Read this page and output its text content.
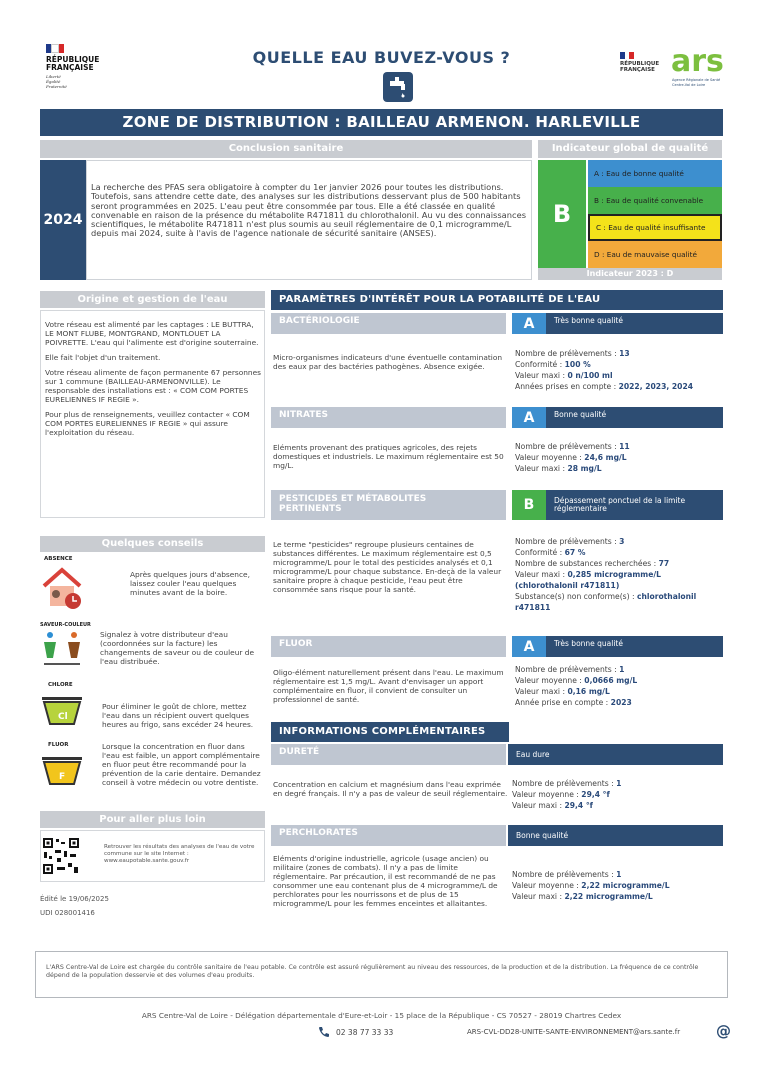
RÉPUBLIQUE
FRANÇAISE
Liberté
Égalité
Fraternité
QUELLE EAU BUVEZ-VOUS ?	RÉPUBLIQUE
FRANÇAISE ars
Agence Régionale de Santé Centre-Val de Loire
ZONE DE DISTRIBUTION : BAILLEAU ARMENON. HARLEVILLE
Conclusion sanitaire
2024
La recherche des PFAS sera obligatoire à compter du 1er janvier 2026 pour toutes les distributions. Toutefois, sans attendre cette date, des analyses sur les distributions desservant plus de 500 habitants seront programmées en 2025. L'eau peut être consommée par tous. Elle a été classée en qualité convenable en raison de la présence du métabolite R471811 du chlorothalonil. Au vu des connaissances scientifiques, le métabolite R471811 n'est plus soumis au seuil réglementaire de 0,1 microgramme/L depuis mai 2024, suite à l'avis de l'agence nationale de sécurité sanitaire (ANSES).
Indicateur global de qualité
B
A : Eau de bonne qualité
B : Eau de qualité convenable
C : Eau de qualité insuffisante
D : Eau de mauvaise qualité
Indicateur 2023 : D
Origine et gestion de l'eau
Votre réseau est alimenté par les captages : LE BUTTRA, LE MONT FLUBE, MONTGRAND, MONTLOUET LA POIVRETTE. L'eau qui l'alimente est d'origine souterraine.
Elle fait l'objet d'un traitement.
Votre réseau alimente de façon permanente 67 personnes sur 1 commune (BAILLEAU-ARMENONVILLE). Le responsable des installations est : « COM COM PORTES EURELIENNES IF REGIE ».
Pour plus de renseignements, veuillez contacter « COM COM PORTES EURELIENNES IF REGIE » qui assure l'exploitation du réseau.
Quelques conseils
ABSENCE
Après quelques jours d'absence, laissez couler l'eau quelques minutes avant de la boire.
SAVEUR-COULEUR
Signalez à votre distributeur d'eau (coordonnées sur la facture) les changements de saveur ou de couleur de l'eau distribuée.
CHLORE
Cl
Pour éliminer le goût de chlore, mettez l'eau dans un récipient ouvert quelques heures au frigo, sans excéder 24 heures.
FLUOR
F
Lorsque la concentration en fluor dans l'eau est faible, un apport complémentaire en fluor peut être recommandé pour la prévention de la carie dentaire. Demandez conseil à votre médecin ou votre dentiste.
Pour aller plus loin
Retrouver les résultats des analyses de l'eau de votre commune sur le site Internet : www.eaupotable.sante.gouv.fr
Édité le 19/06/2025
UDI 028001416
PARAMÈTRES D'INTÉRÊT POUR LA POTABILITÉ DE L'EAU
BACTÉRIOLOGIE	A	Très bonne qualité
Micro-organismes indicateurs d'une éventuelle contamination des eaux par des bactéries pathogènes. Absence exigée.
Nombre de prélèvements : 13
Conformité : 100 %
Valeur maxi : 0 n/100 ml
Années prises en compte : 2022, 2023, 2024
NITRATES	A	Bonne qualité
Eléments provenant des pratiques agricoles, des rejets domestiques et industriels. Le maximum réglementaire est 50 mg/L.
Nombre de prélèvements : 11
Valeur moyenne : 24,6 mg/L
Valeur maxi : 28 mg/L
PESTICIDES ET MÉTABOLITES
PERTINENTS	B	Dépassement ponctuel de la limite réglementaire
Le terme "pesticides" regroupe plusieurs centaines de substances différentes. Le maximum réglementaire est 0,5 microgramme/L pour le total des pesticides analysés et 0,1 microgramme/L pour chaque substance. En-deçà de la valeur sanitaire propre à chaque pesticide, l'eau peut être consommée sans risque pour la santé.
Nombre de prélèvements : 3
Conformité : 67 %
Nombre de substances recherchées : 77
Valeur maxi : 0,285 microgramme/L
(chlorothalonil r471811)
Substance(s) non conforme(s) : chlorothalonil
r471811
FLUOR	A	Très bonne qualité
Oligo-élément naturellement présent dans l'eau. Le maximum réglementaire est 1,5 mg/L. Avant d'envisager un apport complémentaire en fluor, il convient de consulter un professionnel de santé.
Nombre de prélèvements : 1
Valeur moyenne : 0,0666 mg/L
Valeur maxi : 0,16 mg/L
Année prise en compte : 2023
INFORMATIONS COMPLÉMENTAIRES
DURETÉ	Eau dure
Concentration en calcium et magnésium dans l'eau exprimée en degré français. Il n'y a pas de valeur de seuil réglementaire.
Nombre de prélèvements : 1
Valeur moyenne : 29,4 °f
Valeur maxi : 29,4 °f
PERCHLORATES	Bonne qualité
Eléments d'origine industrielle, agricole (usage ancien) ou militaire (zones de combats). Il n'y a pas de limite réglementaire. Par précaution, il est recommandé de ne pas consommer une eau contenant plus de 4 microgramme/L de perchlorates pour les nourrissons et de plus de 15 microgramme/L pour les femmes enceintes et allaitantes.
Nombre de prélèvements : 1
Valeur moyenne : 2,22 microgramme/L
Valeur maxi : 2,22 microgramme/L
L'ARS Centre-Val de Loire est chargée du contrôle sanitaire de l'eau potable. Ce contrôle est assuré régulièrement au niveau des ressources, de la production et de la distribution. La fréquence de ce contrôle dépend de la population desservie et des volumes d'eau produits.
ARS Centre-Val de Loire - Délégation départementale d'Eure-et-Loir - 15 place de la République - CS 70527 - 28019 Chartres Cedex
02 38 77 33 33	ARS-CVL-DD28-UNITE-SANTE-ENVIRONNEMENT@ars.sante.fr @
